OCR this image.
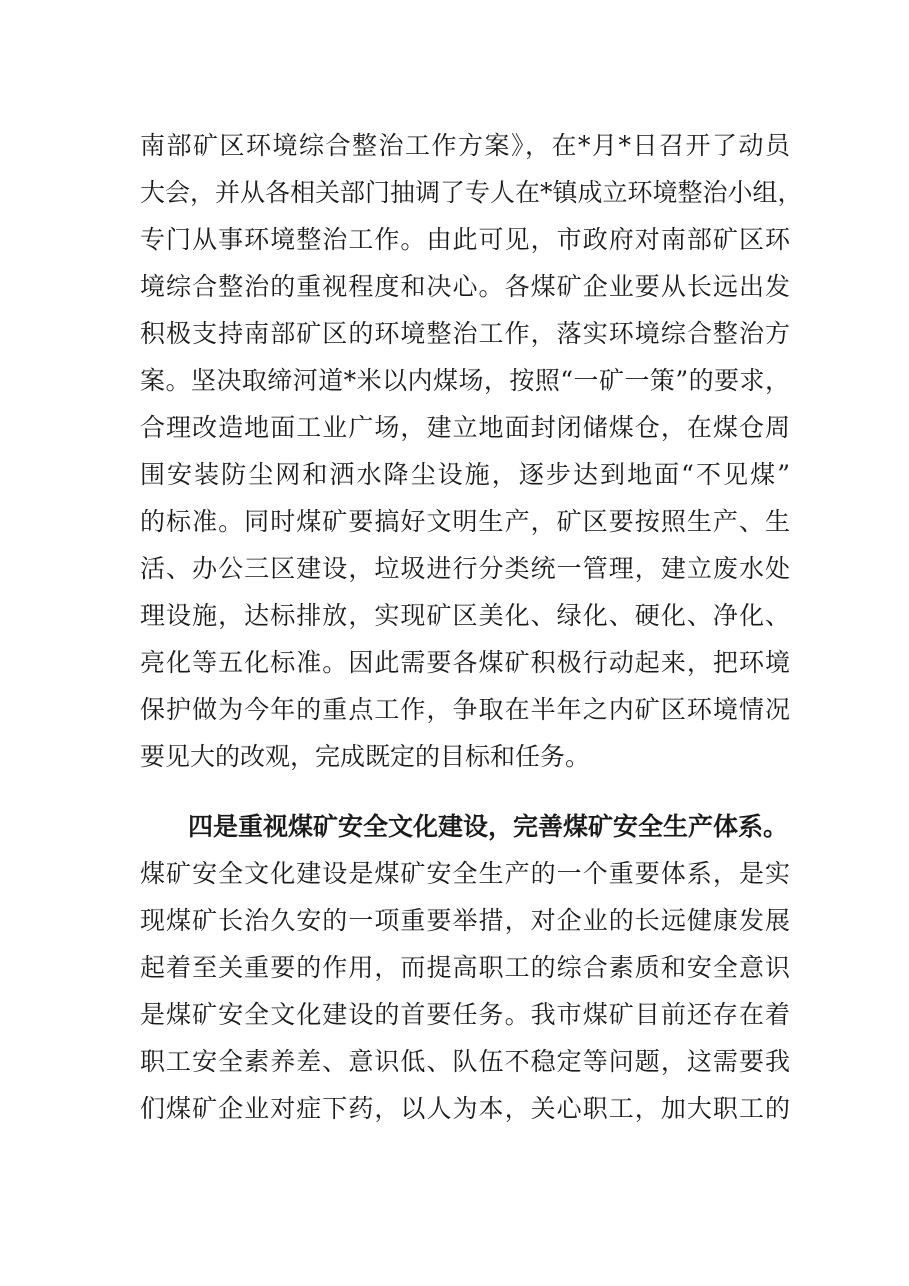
南部矿区环境综合整治工作方案》，在*月*日召开了动员
大会，并从各相关部门抽调了专人在*镇成立环境整治小组，
专门从事环境整治工作。由此可见，市政府对南部矿区环
境综合整治的重视程度和决心。各煤矿企业要从长远出发
积极支持南部矿区的环境整治工作，落实环境综合整治方
案。坚决取缔河道*米以内煤场，按照“一矿一策”的要求，
合理改造地面工业广场，建立地面封闭储煤仓，在煤仓周
围安装防尘网和洒水降尘设施，逐步达到地面“不见煤”
的标准。同时煤矿要搞好文明生产，矿区要按照生产、生
活、办公三区建设，垃圾进行分类统一管理，建立废水处
理设施，达标排放，实现矿区美化、绿化、硬化、净化、
亮化等五化标准。因此需要各煤矿积极行动起来，把环境
保护做为今年的重点工作，争取在半年之内矿区环境情况
要见大的改观，完成既定的目标和任务。
四是重视煤矿安全文化建设，完善煤矿安全生产体系。
煤矿安全文化建设是煤矿安全生产的一个重要体系，是实
现煤矿长治久安的一项重要举措，对企业的长远健康发展
起着至关重要的作用，而提高职工的综合素质和安全意识
是煤矿安全文化建设的首要任务。我市煤矿目前还存在着
职工安全素养差、意识低、队伍不稳定等问题，这需要我
们煤矿企业对症下药，以人为本，关心职工，加大职工的
